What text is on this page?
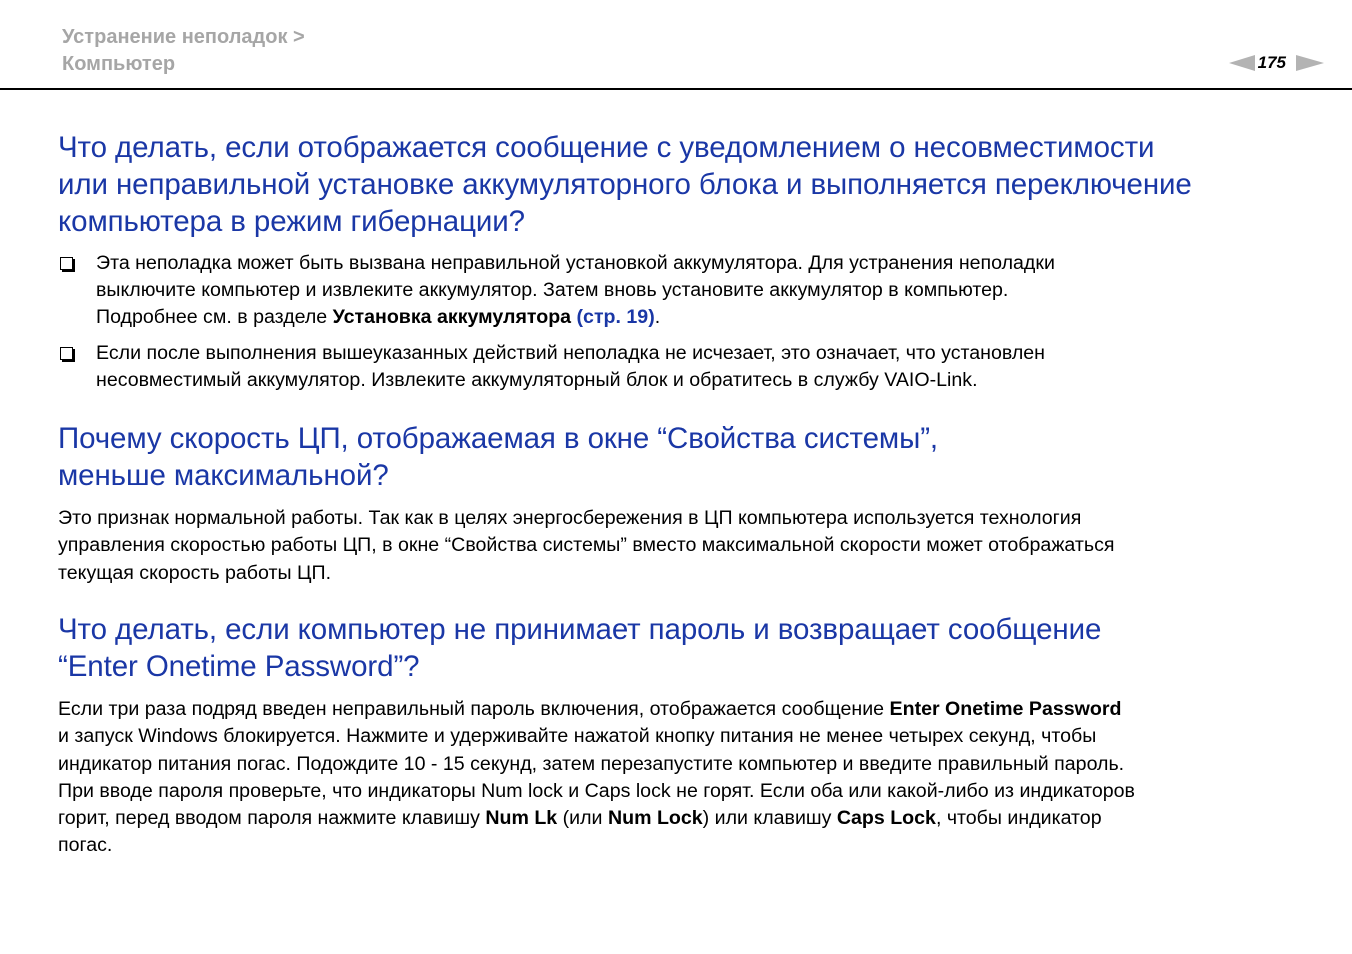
Устранение неполадок >
Компьютер	175
Что делать, если отображается сообщение с уведомлением о несовместимости
или неправильной установке аккумуляторного блока и выполняется переключение
компьютера в режим гибернации?
Эта неполадка может быть вызвана неправильной установкой аккумулятора. Для устранения неполадки
выключите компьютер и извлеките аккумулятор. Затем вновь установите аккумулятор в компьютер.
Подробнее см. в разделе Установка аккумулятора (стр. 19).
Если после выполнения вышеуказанных действий неполадка не исчезает, это означает, что установлен
несовместимый аккумулятор. Извлеките аккумуляторный блок и обратитесь в службу VAIO-Link.
Почему скорость ЦП, отображаемая в окне “Свойства системы”,
меньше максимальной?
Это признак нормальной работы. Так как в целях энергосбережения в ЦП компьютера используется технология
управления скоростью работы ЦП, в окне “Свойства системы” вместо максимальной скорости может отображаться
текущая скорость работы ЦП.
Что делать, если компьютер не принимает пароль и возвращает сообщение
“Enter Onetime Password”?
Если три раза подряд введен неправильный пароль включения, отображается сообщение Enter Onetime Password
и запуск Windows блокируется. Нажмите и удерживайте нажатой кнопку питания не менее четырех секунд, чтобы
индикатор питания погас. Подождите 10 - 15 секунд, затем перезапустите компьютер и введите правильный пароль.
При вводе пароля проверьте, что индикаторы Num lock и Caps lock не горят. Если оба или какой-либо из индикаторов
горит, перед вводом пароля нажмите клавишу Num Lk (или Num Lock) или клавишу Caps Lock, чтобы индикатор
погас.
